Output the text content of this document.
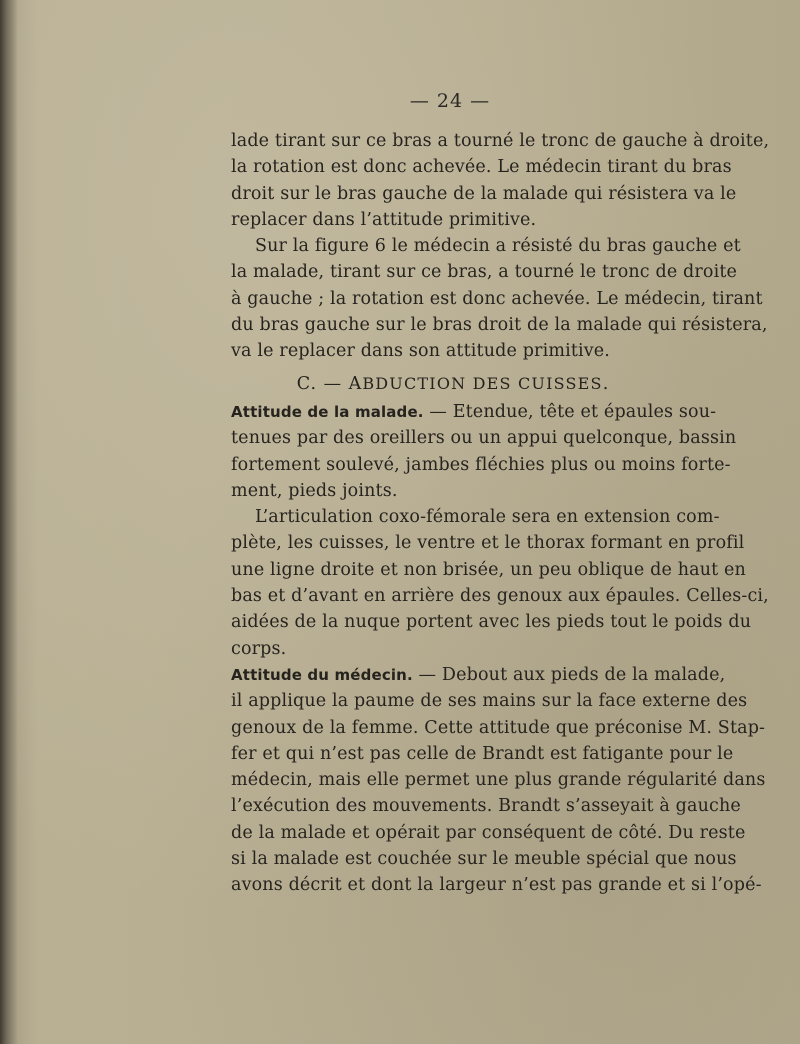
— 24 —
lade tirant sur ce bras a tourné le tronc de gauche à droite,
la rotation est donc achevée. Le médecin tirant du bras
droit sur le bras gauche de la malade qui résistera va le
replacer dans l’attitude primitive.
Sur la figure 6 le médecin a résisté du bras gauche et
la malade, tirant sur ce bras, a tourné le tronc de droite
à gauche ; la rotation est donc achevée. Le médecin, tirant
du bras gauche sur le bras droit de la malade qui résistera,
va le replacer dans son attitude primitive.
C. — ABDUCTION DES CUISSES.
Attitude de la malade. — Etendue, tête et épaules sou-
tenues par des oreillers ou un appui quelconque, bassin
fortement soulevé, jambes fléchies plus ou moins forte-
ment, pieds joints.
L’articulation coxo-fémorale sera en extension com-
plète, les cuisses, le ventre et le thorax formant en profil
une ligne droite et non brisée, un peu oblique de haut en
bas et d’avant en arrière des genoux aux épaules. Celles-ci,
aidées de la nuque portent avec les pieds tout le poids du
corps.
Attitude du médecin. — Debout aux pieds de la malade,
il applique la paume de ses mains sur la face externe des
genoux de la femme. Cette attitude que préconise M. Stap-
fer et qui n’est pas celle de Brandt est fatigante pour le
médecin, mais elle permet une plus grande régularité dans
l’exécution des mouvements. Brandt s’asseyait à gauche
de la malade et opérait par conséquent de côté. Du reste
si la malade est couchée sur le meuble spécial que nous
avons décrit et dont la largeur n’est pas grande et si l’opé-
